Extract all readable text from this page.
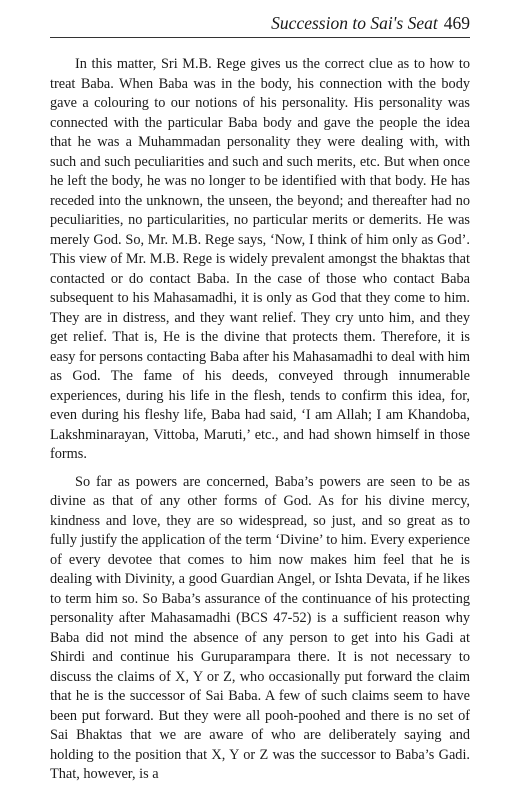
Succession to Sai's Seat 469

In this matter, Sri M.B. Rege gives us the correct clue as to how to treat Baba. When Baba was in the body, his connection with the body gave a colouring to our notions of his personality. His personality was connected with the particular Baba body and gave the people the idea that he was a Muhammadan personality they were dealing with, with such and such peculiarities and such and such merits, etc. But when once he left the body, he was no longer to be identified with that body. He has receded into the unknown, the unseen, the beyond; and thereafter had no peculiarities, no particularities, no particular merits or demerits. He was merely God. So, Mr. M.B. Rege says, ‘Now, I think of him only as God’. This view of Mr. M.B. Rege is widely prevalent amongst the bhaktas that contacted or do contact Baba. In the case of those who contact Baba subsequent to his Mahasamadhi, it is only as God that they come to him. They are in distress, and they want relief. They cry unto him, and they get relief. That is, He is the divine that protects them. Therefore, it is easy for persons contacting Baba after his Mahasamadhi to deal with him as God. The fame of his deeds, conveyed through innumerable experiences, during his life in the flesh, tends to confirm this idea, for, even during his fleshy life, Baba had said, ‘I am Allah; I am Khandoba, Lakshminarayan, Vittoba, Maruti,’ etc., and had shown himself in those forms.

So far as powers are concerned, Baba’s powers are seen to be as divine as that of any other forms of God. As for his divine mercy, kindness and love, they are so widespread, so just, and so great as to fully justify the application of the term ‘Divine’ to him. Every experience of every devotee that comes to him now makes him feel that he is dealing with Divinity, a good Guardian Angel, or Ishta Devata, if he likes to term him so. So Baba’s assurance of the continuance of his protecting personality after Mahasamadhi (BCS 47-52) is a sufficient reason why Baba did not mind the absence of any person to get into his Gadi at Shirdi and continue his Guruparampara there. It is not necessary to discuss the claims of X, Y or Z, who occasionally put forward the claim that he is the successor of Sai Baba. A few of such claims seem to have been put forward. But they were all pooh-poohed and there is no set of Sai Bhaktas that we are aware of who are deliberately saying and holding to the position that X, Y or Z was the successor to Baba’s Gadi. That, however, is a
